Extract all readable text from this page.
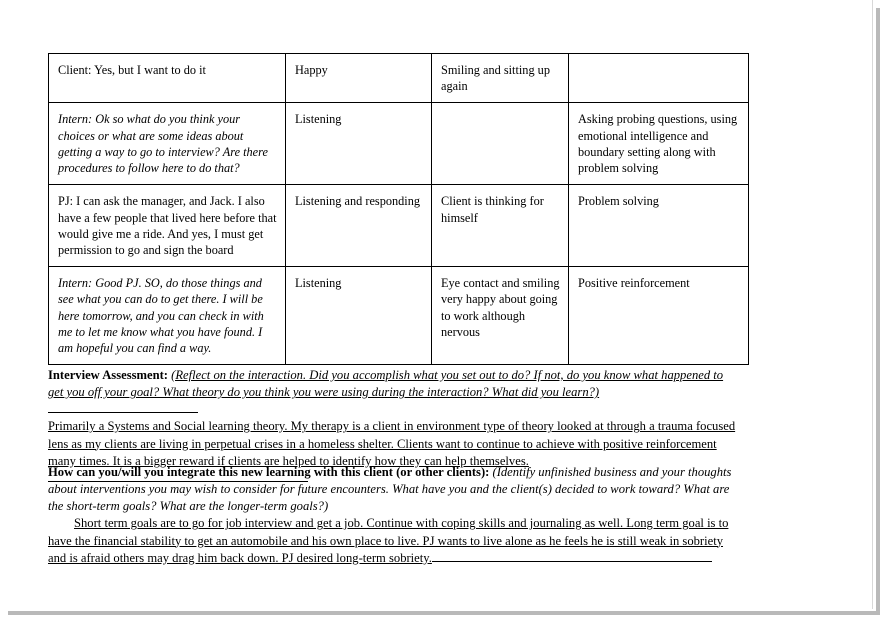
Client: Yes, but I want to do it	Happy	Smiling and sitting up again	
Intern: Ok so what do you think your choices or what are some ideas about getting a way to go to interview? Are there procedures to follow here to do that?	Listening		Asking probing questions, using emotional intelligence and boundary setting along with problem solving
PJ: I can ask the manager, and Jack. I also have a few people that lived here before that would give me a ride. And yes, I must get permission to go and sign the board	Listening and responding	Client is thinking for himself	Problem solving
Intern: Good PJ. SO, do those things and see what you can do to get there. I will be here tomorrow, and you can check in with me to let me know what you have found. I am hopeful you can find a way.	Listening	Eye contact and smiling very happy about going to work although nervous	Positive reinforcement
Interview Assessment: (Reflect on the interaction. Did you accomplish what you set out to do? If not, do you know what happened to get you off your goal? What theory do you think you were using during the interaction? What did you learn?)
Primarily a Systems and Social learning theory. My therapy is a client in environment type of theory looked at through a trauma focused lens as my clients are living in perpetual crises in a homeless shelter. Clients want to continue to achieve with positive reinforcement many times. It is a bigger reward if clients are helped to identify how they can help themselves.
How can you/will you integrate this new learning with this client (or other clients): (Identify unfinished business and your thoughts about interventions you may wish to consider for future encounters. What have you and the client(s) decided to work toward? What are the short-term goals? What are the longer-term goals?)
Short term goals are to go for job interview and get a job. Continue with coping skills and journaling as well. Long term goal is to have the financial stability to get an automobile and his own place to live. PJ wants to live alone as he feels he is still weak in sobriety and is afraid others may drag him back down. PJ desired long-term sobriety.
